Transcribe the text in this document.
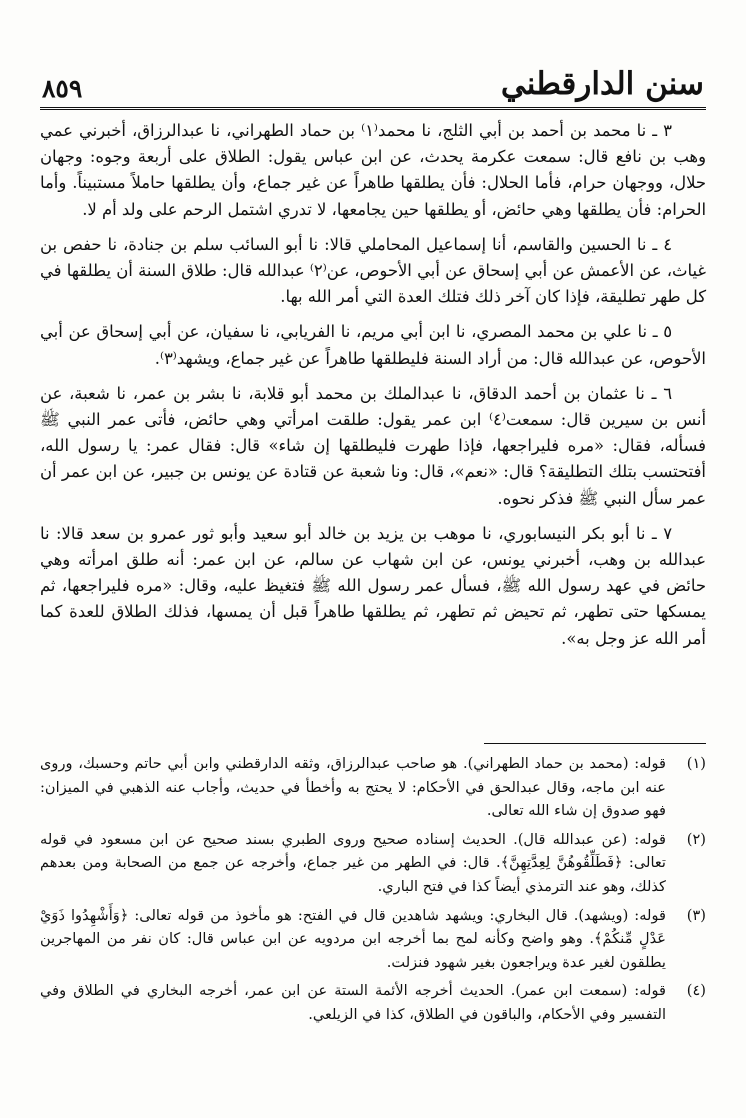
سنن الدارقطني
٨٥٩

٣ ـ نا محمد بن أحمد بن أبي الثلج، نا محمد⁽١⁾ بن حماد الطهراني، نا عبدالرزاق، أخبرني عمي وهب بن نافع قال: سمعت عكرمة يحدث، عن ابن عباس يقول: الطلاق على أربعة وجوه: وجهان حلال، ووجهان حرام، فأما الحلال: فأن يطلقها طاهراً عن غير جماع، وأن يطلقها حاملاً مستبيناً. وأما الحرام: فأن يطلقها وهي حائض، أو يطلقها حين يجامعها، لا تدري اشتمل الرحم على ولد أم لا.

٤ ـ نا الحسين والقاسم، أنا إسماعيل المحاملي قالا: نا أبو السائب سلم بن جنادة، نا حفص بن غياث، عن الأعمش عن أبي إسحاق عن أبي الأحوص، عن⁽٢⁾ عبدالله قال: طلاق السنة أن يطلقها في كل طهر تطليقة، فإذا كان آخر ذلك فتلك العدة التي أمر الله بها.

٥ ـ نا علي بن محمد المصري، نا ابن أبي مريم، نا الفريابي، نا سفيان، عن أبي إسحاق عن أبي الأحوص، عن عبدالله قال: من أراد السنة فليطلقها طاهراً عن غير جماع، ويشهد⁽٣⁾.

٦ ـ نا عثمان بن أحمد الدقاق، نا عبدالملك بن محمد أبو قلابة، نا بشر بن عمر، نا شعبة، عن أنس بن سيرين قال: سمعت⁽٤⁾ ابن عمر يقول: طلقت امرأتي وهي حائض، فأتى عمر النبي ﷺ فسأله، فقال: «مره فليراجعها، فإذا طهرت فليطلقها إن شاء» قال: فقال عمر: يا رسول الله، أفتحتسب بتلك التطليقة؟ قال: «نعم»، قال: ونا شعبة عن قتادة عن يونس بن جبير، عن ابن عمر أن عمر سأل النبي ﷺ فذكر نحوه.

٧ ـ نا أبو بكر النيسابوري، نا موهب بن يزيد بن خالد أبو سعيد وأبو ثور عمرو بن سعد قالا: نا عبدالله بن وهب، أخبرني يونس، عن ابن شهاب عن سالم، عن ابن عمر: أنه طلق امرأته وهي حائض في عهد رسول الله ﷺ، فسأل عمر رسول الله ﷺ فتغيظ عليه، وقال: «مره فليراجعها، ثم يمسكها حتى تطهر، ثم تحيض ثم تطهر، ثم يطلقها طاهراً قبل أن يمسها، فذلك الطلاق للعدة كما أمر الله عز وجل به».

(١)
قوله: (محمد بن حماد الطهراني). هو صاحب عبدالرزاق، وثقه الدارقطني وابن أبي حاتم وحسبك، وروى عنه ابن ماجه، وقال عبدالحق في الأحكام: لا يحتج به وأخطأ في حديث، وأجاب عنه الذهبي في الميزان: فهو صدوق إن شاء الله تعالى.

(٢)
قوله: (عن عبدالله قال). الحديث إسناده صحيح وروى الطبري بسند صحيح عن ابن مسعود في قوله تعالى: ﴿فَطَلِّقُوهُنَّ لِعِدَّتِهِنَّ﴾. قال: في الطهر من غير جماع، وأخرجه عن جمع من الصحابة ومن بعدهم كذلك، وهو عند الترمذي أيضاً كذا في فتح الباري.

(٣)
قوله: (ويشهد). قال البخاري: ويشهد شاهدين قال في الفتح: هو مأخوذ من قوله تعالى: ﴿وَأَشْهِدُوا ذَوَيْ عَدْلٍ مِّنكُمْ﴾. وهو واضح وكأنه لمح بما أخرجه ابن مردويه عن ابن عباس قال: كان نفر من المهاجرين يطلقون لغير عدة ويراجعون بغير شهود فنزلت.

(٤)
قوله: (سمعت ابن عمر). الحديث أخرجه الأئمة الستة عن ابن عمر، أخرجه البخاري في الطلاق وفي التفسير وفي الأحكام، والباقون في الطلاق، كذا في الزيلعي.
